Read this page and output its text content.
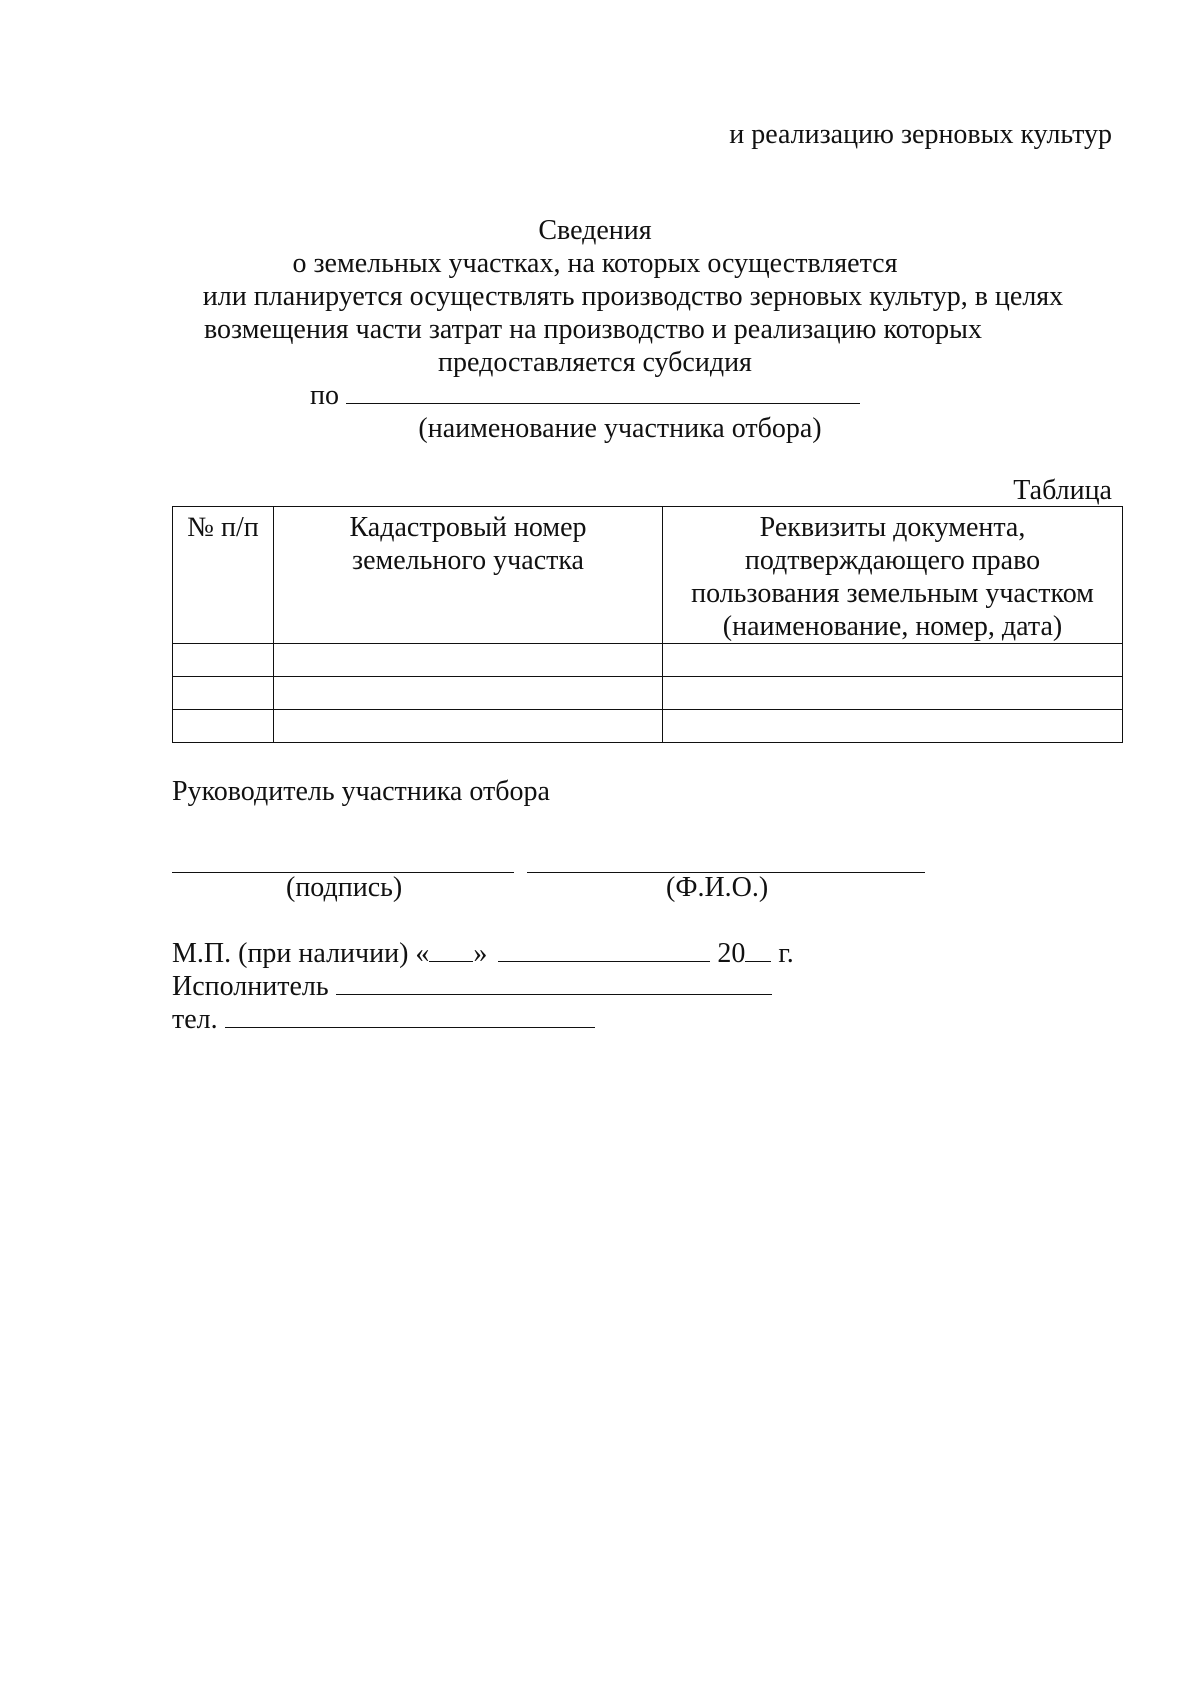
и реализацию зерновых культур
Сведения
о земельных участках, на которых осуществляется
или планируется осуществлять производство зерновых культур, в целях
возмещения части затрат на производство и реализацию которых
предоставляется субсидия
по
(наименование участника отбора)
Таблица
№ п/п	Кадастровый номер земельного участка	Реквизиты документа, подтверждающего право пользования земельным участком (наименование, номер, дата)

Руководитель участника отбора

(подпись)	(Ф.И.О.)
М.П. (при наличии) « »	20 г.
Исполнитель
тел.
